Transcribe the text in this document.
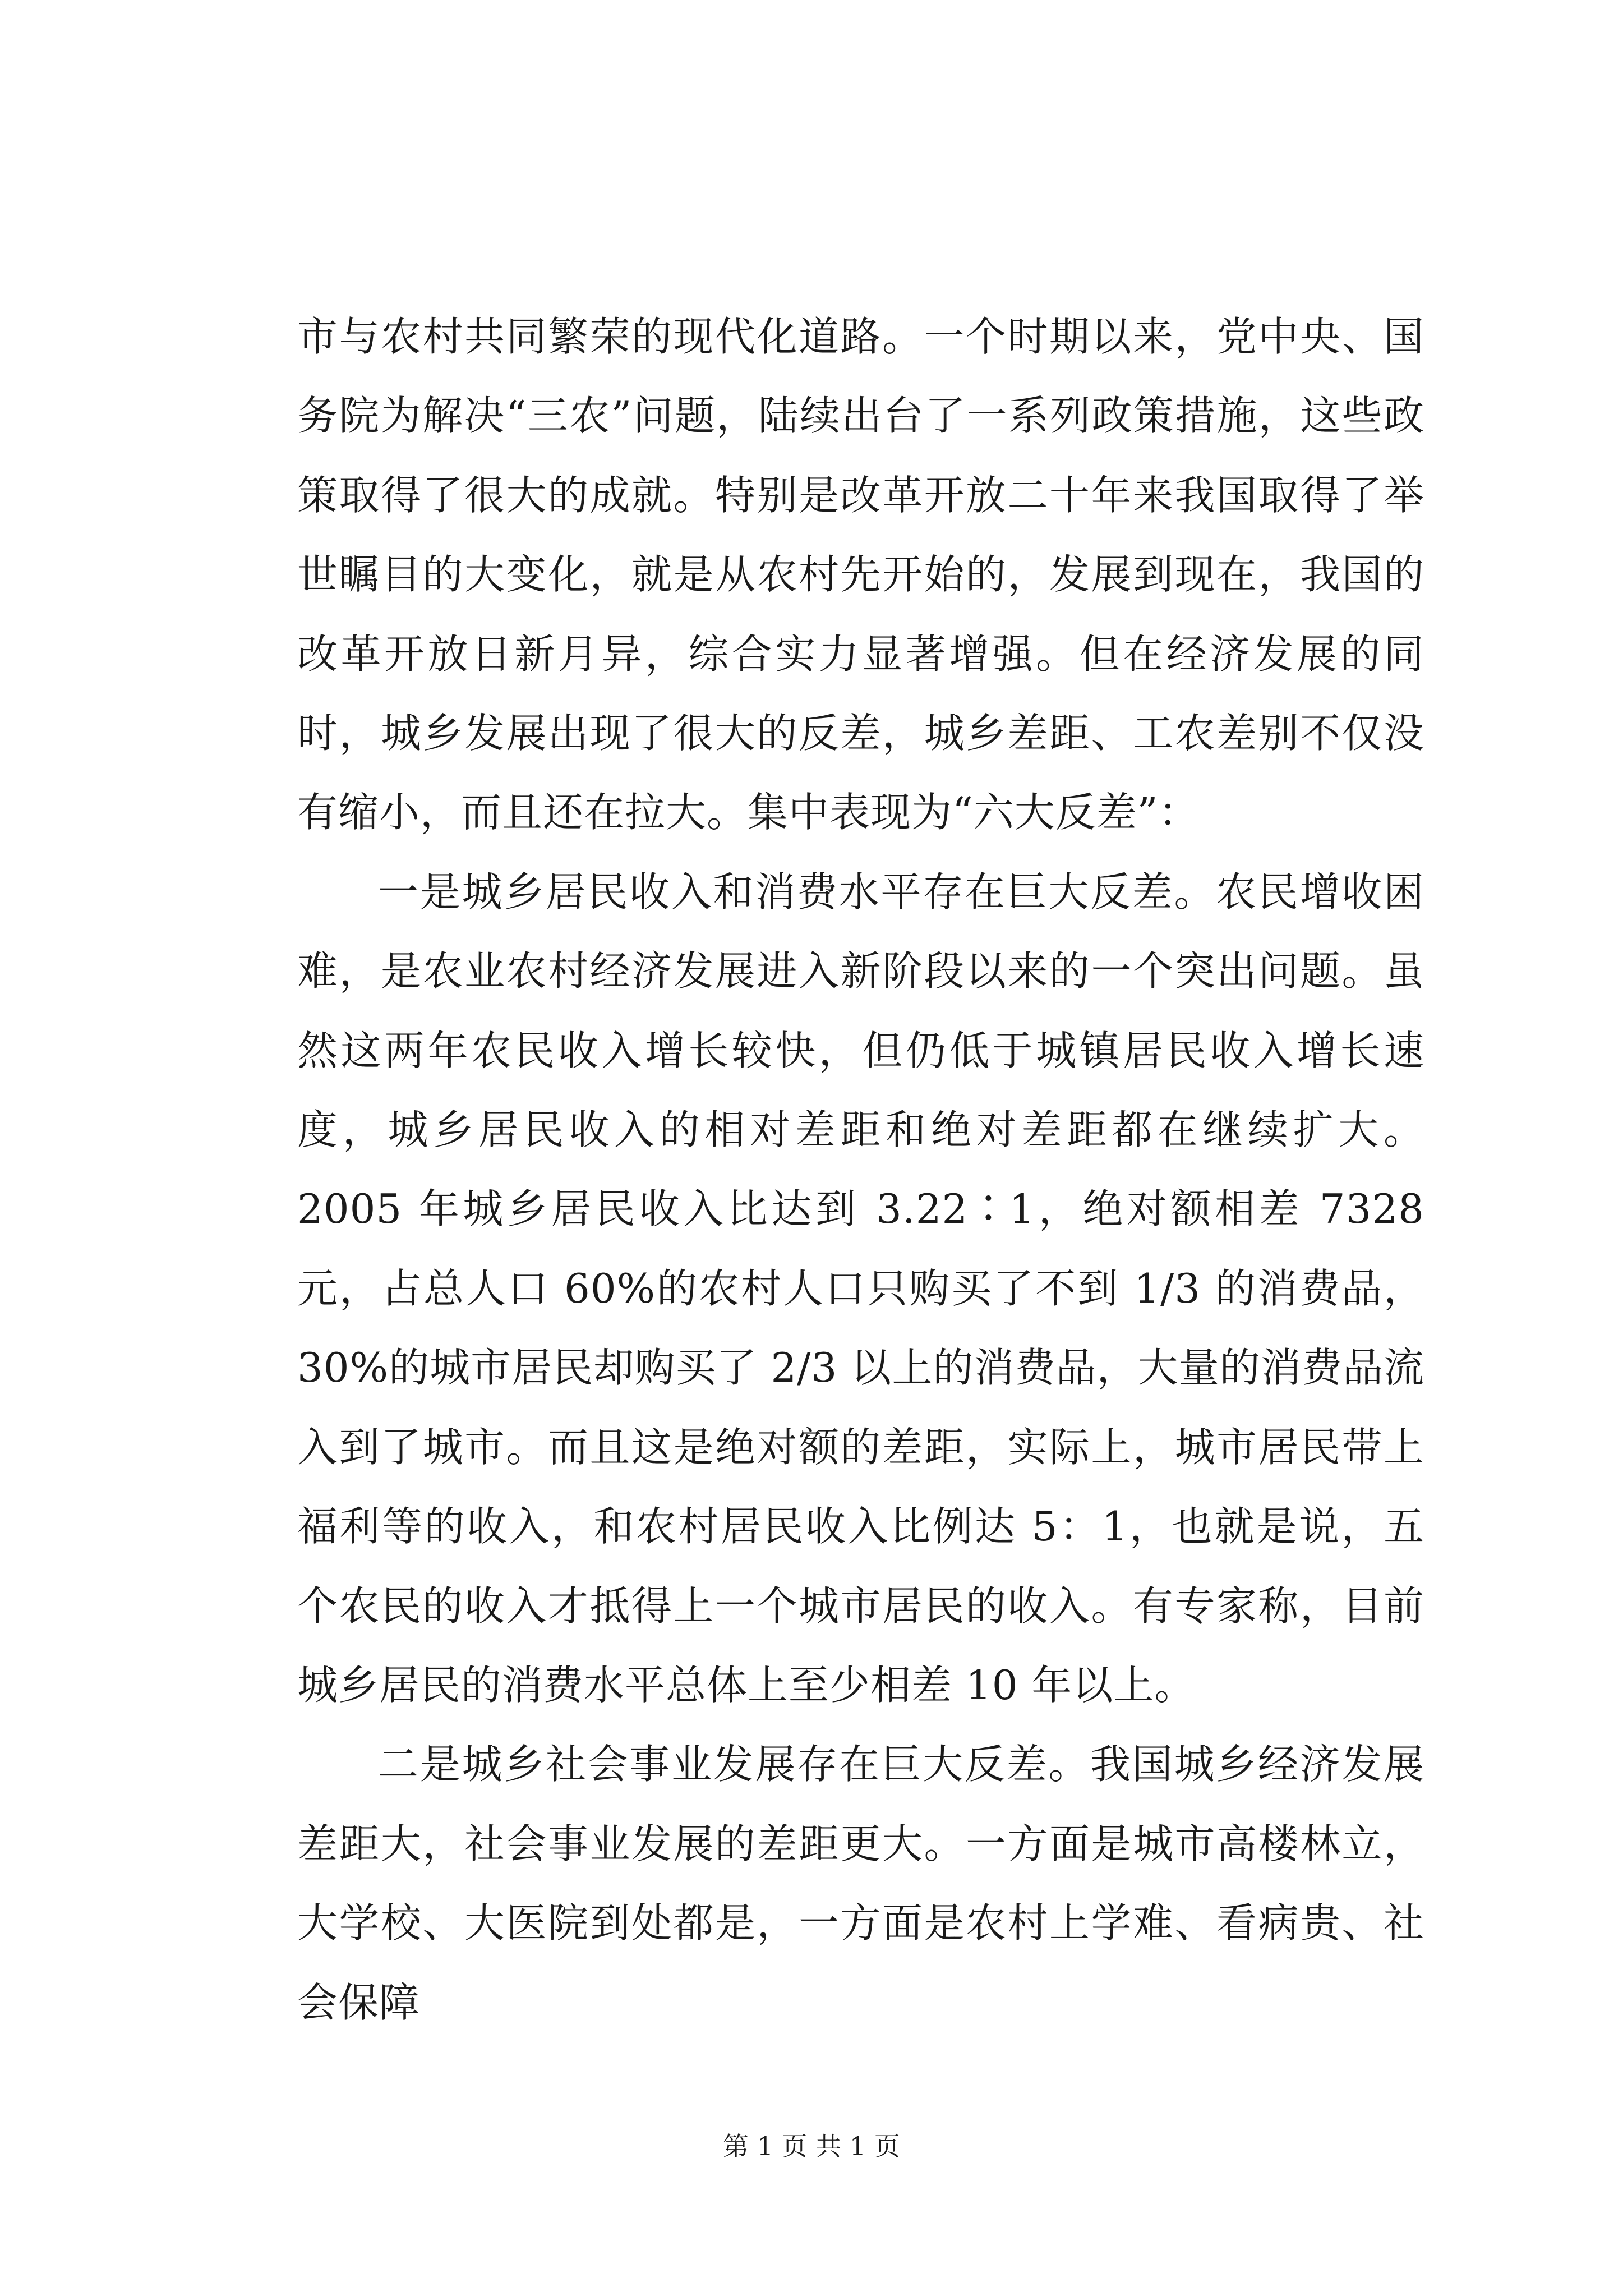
市与农村共同繁荣的现代化道路。一个时期以来，党中央、国务院为解决“三农”问题，陆续出台了一系列政策措施，这些政策取得了很大的成就。特别是改革开放二十年来我国取得了举世瞩目的大变化，就是从农村先开始的，发展到现在，我国的改革开放日新月异，综合实力显著增强。但在经济发展的同时，城乡发展出现了很大的反差，城乡差距、工农差别不仅没有缩小，而且还在拉大。集中表现为“六大反差”：

一是城乡居民收入和消费水平存在巨大反差。农民增收困难，是农业农村经济发展进入新阶段以来的一个突出问题。虽然这两年农民收入增长较快，但仍低于城镇居民收入增长速度，城乡居民收入的相对差距和绝对差距都在继续扩大。2005 年城乡居民收入比达到 3.22∶1，绝对额相差 7328 元，占总人口 60%的农村人口只购买了不到 1/3 的消费品，30%的城市居民却购买了 2/3 以上的消费品，大量的消费品流入到了城市。而且这是绝对额的差距，实际上，城市居民带上福利等的收入，和农村居民收入比例达 5：1，也就是说，五个农民的收入才抵得上一个城市居民的收入。有专家称，目前城乡居民的消费水平总体上至少相差 10 年以上。

二是城乡社会事业发展存在巨大反差。我国城乡经济发展差距大，社会事业发展的差距更大。一方面是城市高楼林立，大学校、大医院到处都是，一方面是农村上学难、看病贵、社会保障

第 1 页 共 1 页
